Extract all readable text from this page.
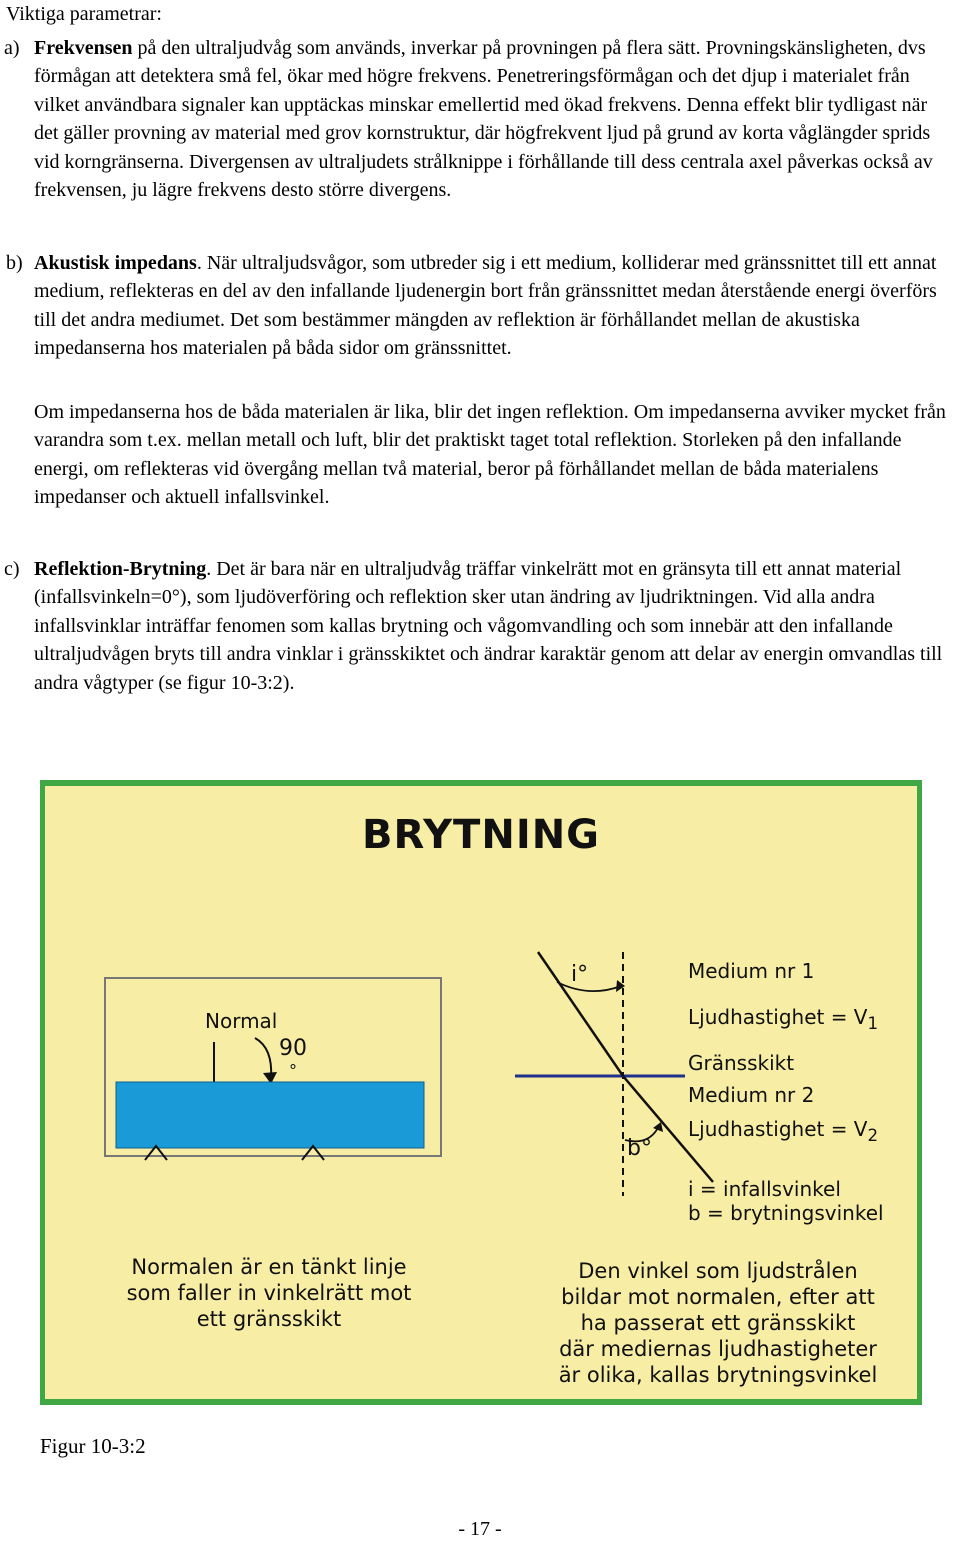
Viktiga parametrar:
a) Frekvensen på den ultraljudvåg som används, inverkar på provningen på flera sätt. Provningskänsligheten, dvs förmågan att detektera små fel, ökar med högre frekvens. Penetreringsförmågan och det djup i materialet från vilket användbara signaler kan upptäckas minskar emellertid med ökad frekvens. Denna effekt blir tydligast när det gäller provning av material med grov kornstruktur, där högfrekvent ljud på grund av korta våglängder sprids vid korngränserna. Divergensen av ultraljudets strålknippe i förhållande till dess centrala axel påverkas också av frekvensen, ju lägre frekvens desto större divergens.
b) Akustisk impedans. När ultraljudsvågor, som utbreder sig i ett medium, kolliderar med gränssnittet till ett annat medium, reflekteras en del av den infallande ljudenergin bort från gränssnittet medan återstående energi överförs till det andra mediumet. Det som bestämmer mängden av reflektion är förhållandet mellan de akustiska impedanserna hos materialen på båda sidor om gränssnittet.
Om impedanserna hos de båda materialen är lika, blir det ingen reflektion. Om impedanserna avviker mycket från varandra som t.ex. mellan metall och luft, blir det praktiskt taget total reflektion. Storleken på den infallande energi, om reflekteras vid övergång mellan två material, beror på förhållandet mellan de båda materialens impedanser och aktuell infallsvinkel.
c) Reflektion-Brytning. Det är bara när en ultraljudvåg träffar vinkelrätt mot en gränsyta till ett annat material (infallsvinkeln=0°), som ljudöverföring och reflektion sker utan ändring av ljudriktningen. Vid alla andra infallsvinklar inträffar fenomen som kallas brytning och vågomvandling och som innebär att den infallande ultraljudvågen bryts till andra vinklar i gränsskiktet och ändrar karaktär genom att delar av energin omvandlas till andra vågtyper (se figur 10-3:2).
BRYTNING
Normal
90
°
i°
b°
Medium nr 1
Ljudhastighet = $V_1$
Gränsskikt
Medium nr 2
Ljudhastighet = $V_2$
i = infallsvinkel
b = brytningsvinkel
Normalen är en tänkt linje
som faller in vinkelrätt mot
ett gränsskikt
Den vinkel som ljudstrålen
bildar mot normalen, efter att
ha passerat ett gränsskikt
där mediernas ljudhastigheter
är olika, kallas brytningsvinkel
Figur 10-3:2
- 17 -
